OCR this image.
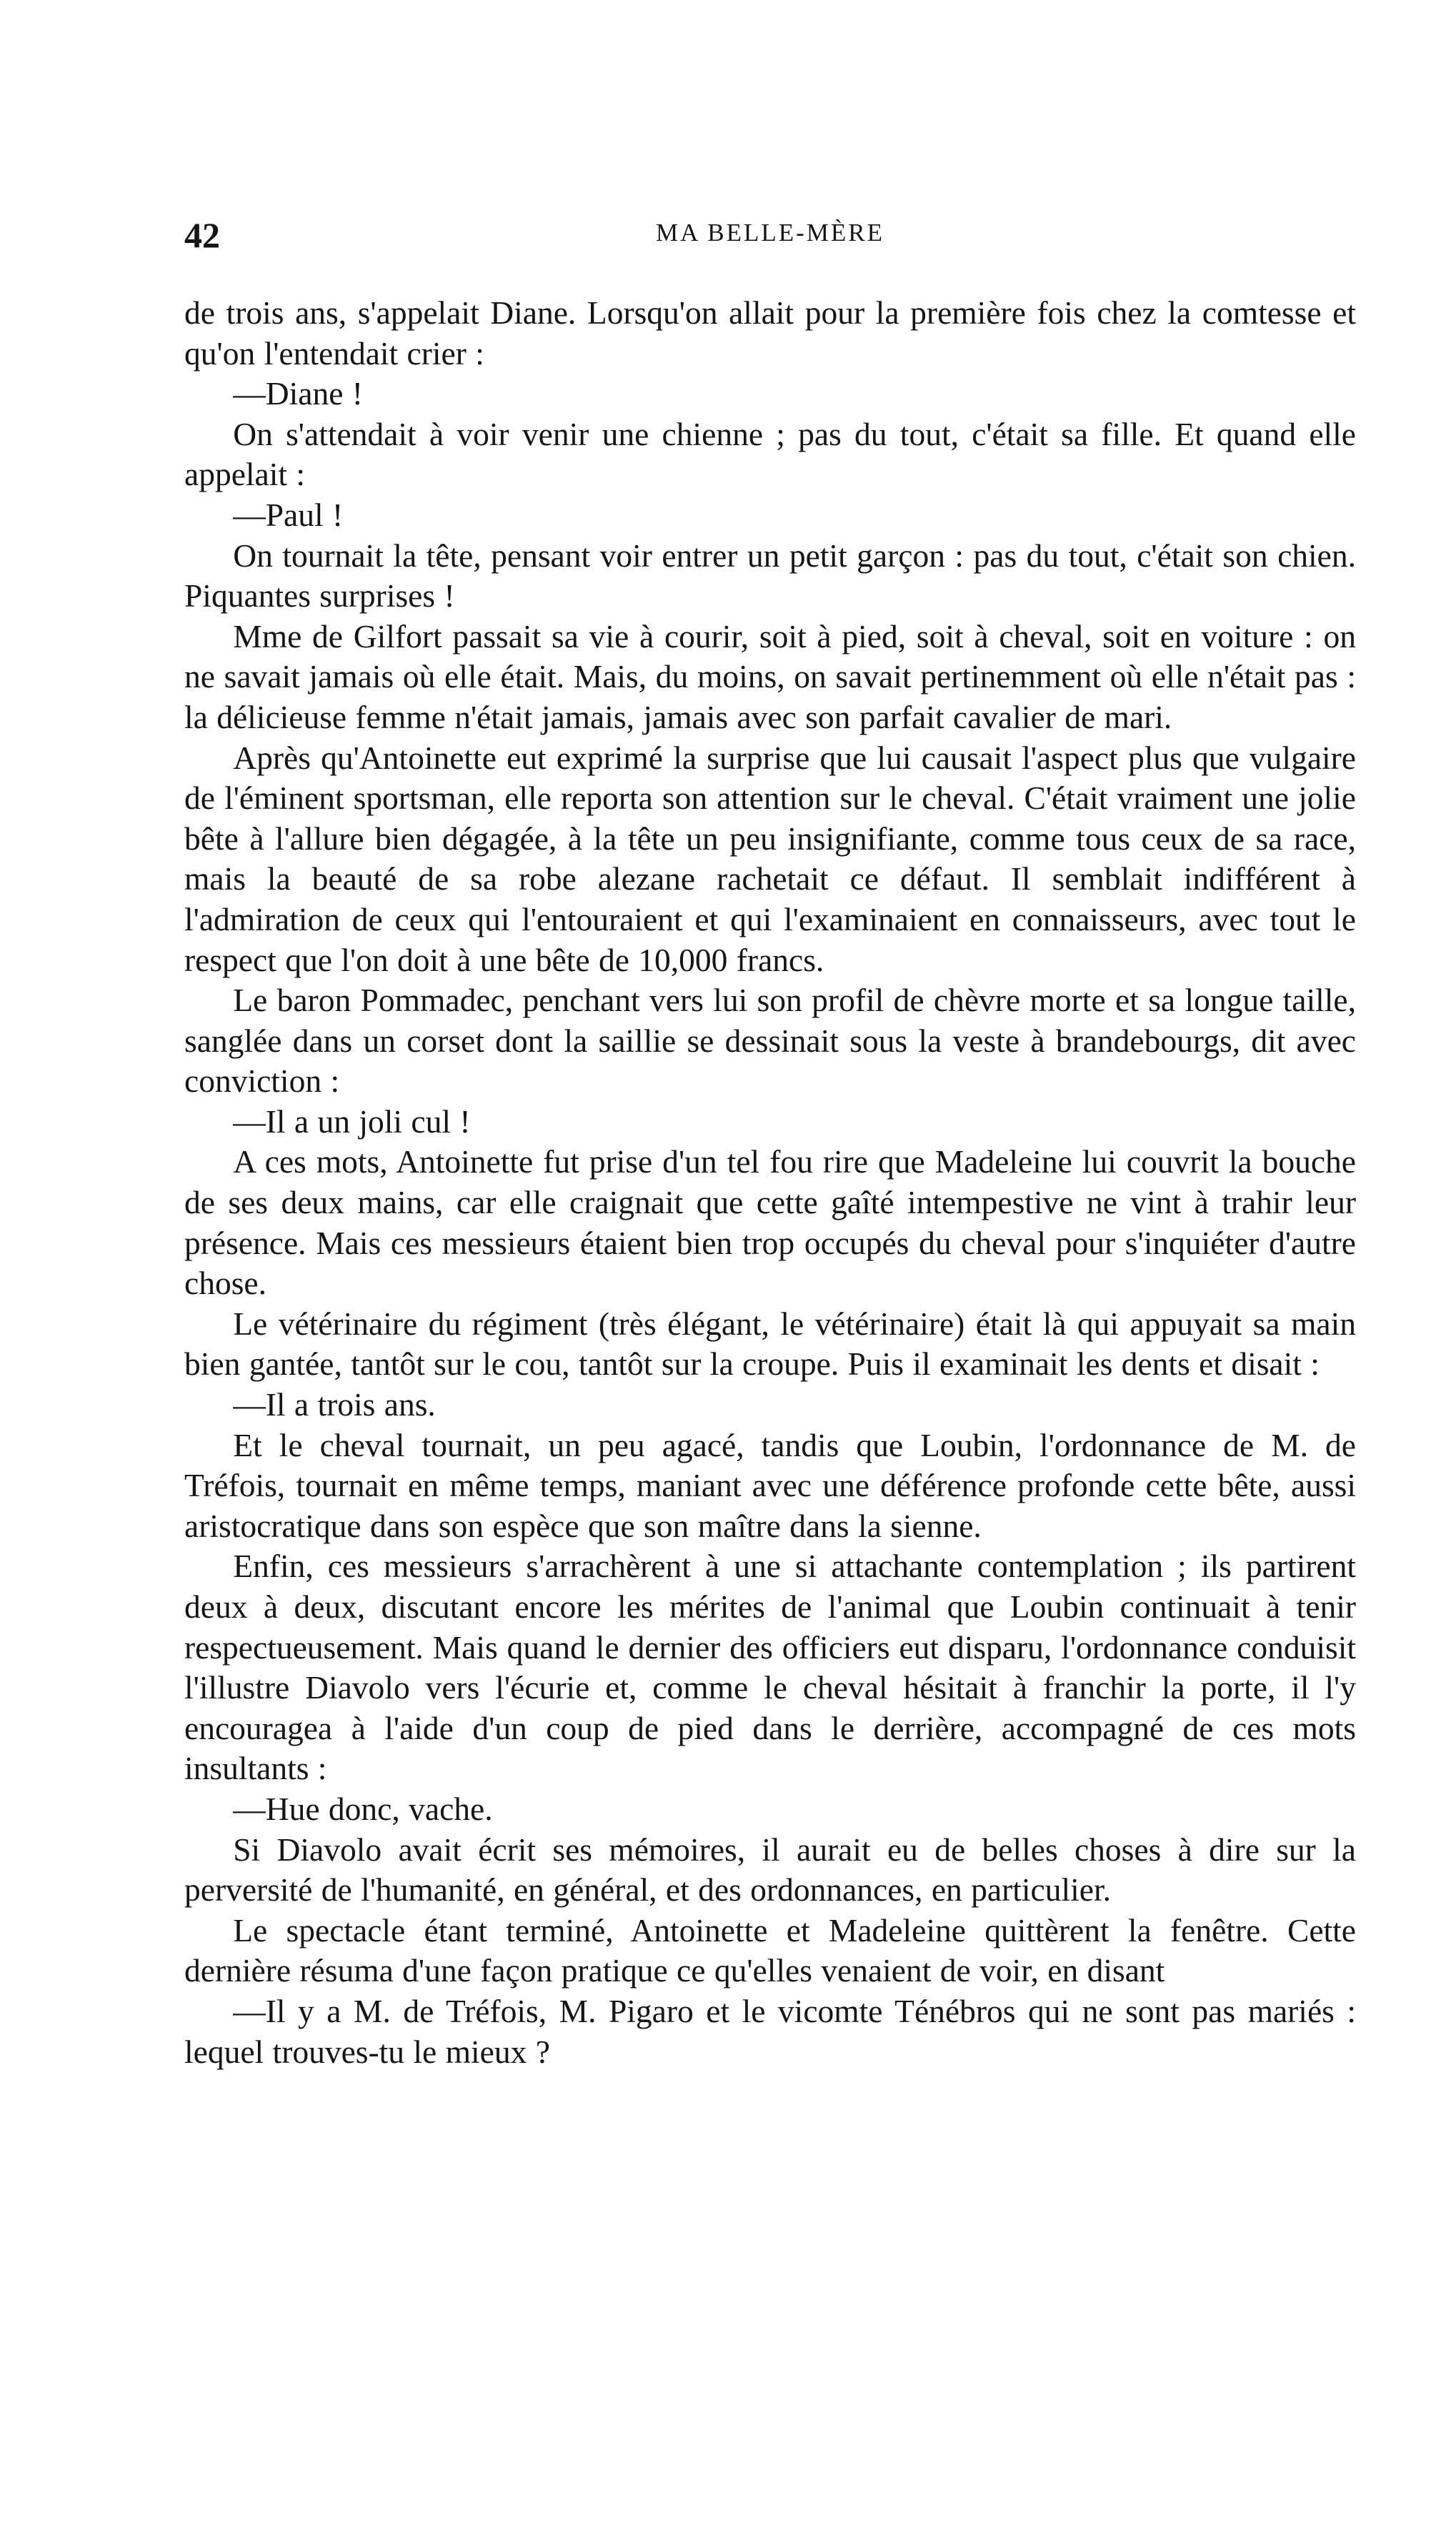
42	MA BELLE-MÈRE

de trois ans, s'appelait Diane. Lorsqu'on allait pour la première fois chez la comtesse et qu'on l'entendait crier :

—Diane !

On s'attendait à voir venir une chienne ; pas du tout, c'était sa fille. Et quand elle appelait :

—Paul !

On tournait la tête, pensant voir entrer un petit garçon : pas du tout, c'était son chien. Piquantes surprises !

Mme de Gilfort passait sa vie à courir, soit à pied, soit à cheval, soit en voiture : on ne savait jamais où elle était. Mais, du moins, on savait pertinemment où elle n'était pas : la délicieuse femme n'était jamais, jamais avec son parfait cavalier de mari.

Après qu'Antoinette eut exprimé la surprise que lui causait l'aspect plus que vulgaire de l'éminent sportsman, elle reporta son attention sur le cheval. C'était vraiment une jolie bête à l'allure bien dégagée, à la tête un peu insignifiante, comme tous ceux de sa race, mais la beauté de sa robe alezane rachetait ce défaut. Il semblait indifférent à l'admiration de ceux qui l'entouraient et qui l'examinaient en connaisseurs, avec tout le respect que l'on doit à une bête de 10,000 francs.

Le baron Pommadec, penchant vers lui son profil de chèvre morte et sa longue taille, sanglée dans un corset dont la saillie se dessinait sous la veste à brandebourgs, dit avec conviction :

—Il a un joli cul !

A ces mots, Antoinette fut prise d'un tel fou rire que Madeleine lui couvrit la bouche de ses deux mains, car elle craignait que cette gaîté intempestive ne vint à trahir leur présence. Mais ces messieurs étaient bien trop occupés du cheval pour s'inquiéter d'autre chose.

Le vétérinaire du régiment (très élégant, le vétérinaire) était là qui appuyait sa main bien gantée, tantôt sur le cou, tantôt sur la croupe. Puis il examinait les dents et disait :

—Il a trois ans.

Et le cheval tournait, un peu agacé, tandis que Loubin, l'ordonnance de M. de Tréfois, tournait en même temps, maniant avec une déférence profonde cette bête, aussi aristocratique dans son espèce que son maître dans la sienne.

Enfin, ces messieurs s'arrachèrent à une si attachante contemplation ; ils partirent deux à deux, discutant encore les mérites de l'animal que Loubin continuait à tenir respectueusement. Mais quand le dernier des officiers eut disparu, l'ordonnance conduisit l'illustre Diavolo vers l'écurie et, comme le cheval hésitait à franchir la porte, il l'y encouragea à l'aide d'un coup de pied dans le derrière, accompagné de ces mots insultants :

—Hue donc, vache.

Si Diavolo avait écrit ses mémoires, il aurait eu de belles choses à dire sur la perversité de l'humanité, en général, et des ordonnances, en particulier.

Le spectacle étant terminé, Antoinette et Madeleine quittèrent la fenêtre. Cette dernière résuma d'une façon pratique ce qu'elles venaient de voir, en disant

—Il y a M. de Tréfois, M. Pigaro et le vicomte Ténébros qui ne sont pas mariés : lequel trouves-tu le mieux ?
